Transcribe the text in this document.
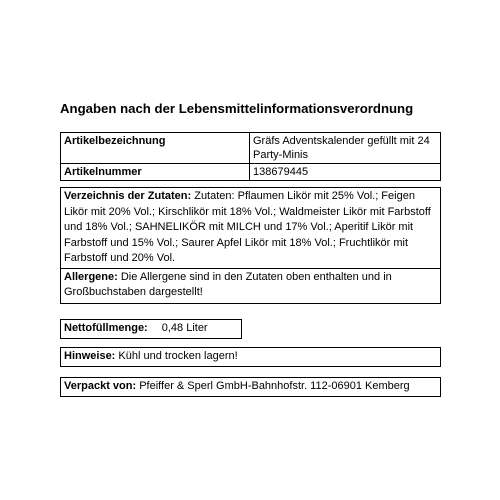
Angaben nach der Lebensmittelinformationsverordnung
Artikelbezeichnung	Gräfs Adventskalender gefüllt mit 24 Party-Minis
Artikelnummer	138679445
Verzeichnis der Zutaten: Zutaten: Pflaumen Likör mit 25% Vol.; Feigen Likör mit 20% Vol.; Kirschlikör mit 18% Vol.; Waldmeister Likör mit Farbstoff und 18% Vol.; SAHNELIKÖR mit MILCH und 17% Vol.; Aperitif Likör mit Farbstoff und 15% Vol.; Saurer Apfel Likör mit 18% Vol.; Fruchtlikör mit Farbstoff und 20% Vol.
Allergene: Die Allergene sind in den Zutaten oben enthalten und in Großbuchstaben dargestellt!
Nettofüllmenge: 0,48 Liter
Hinweise: Kühl und trocken lagern!
Verpackt von: Pfeiffer & Sperl GmbH-Bahnhofstr. 112-06901 Kemberg
